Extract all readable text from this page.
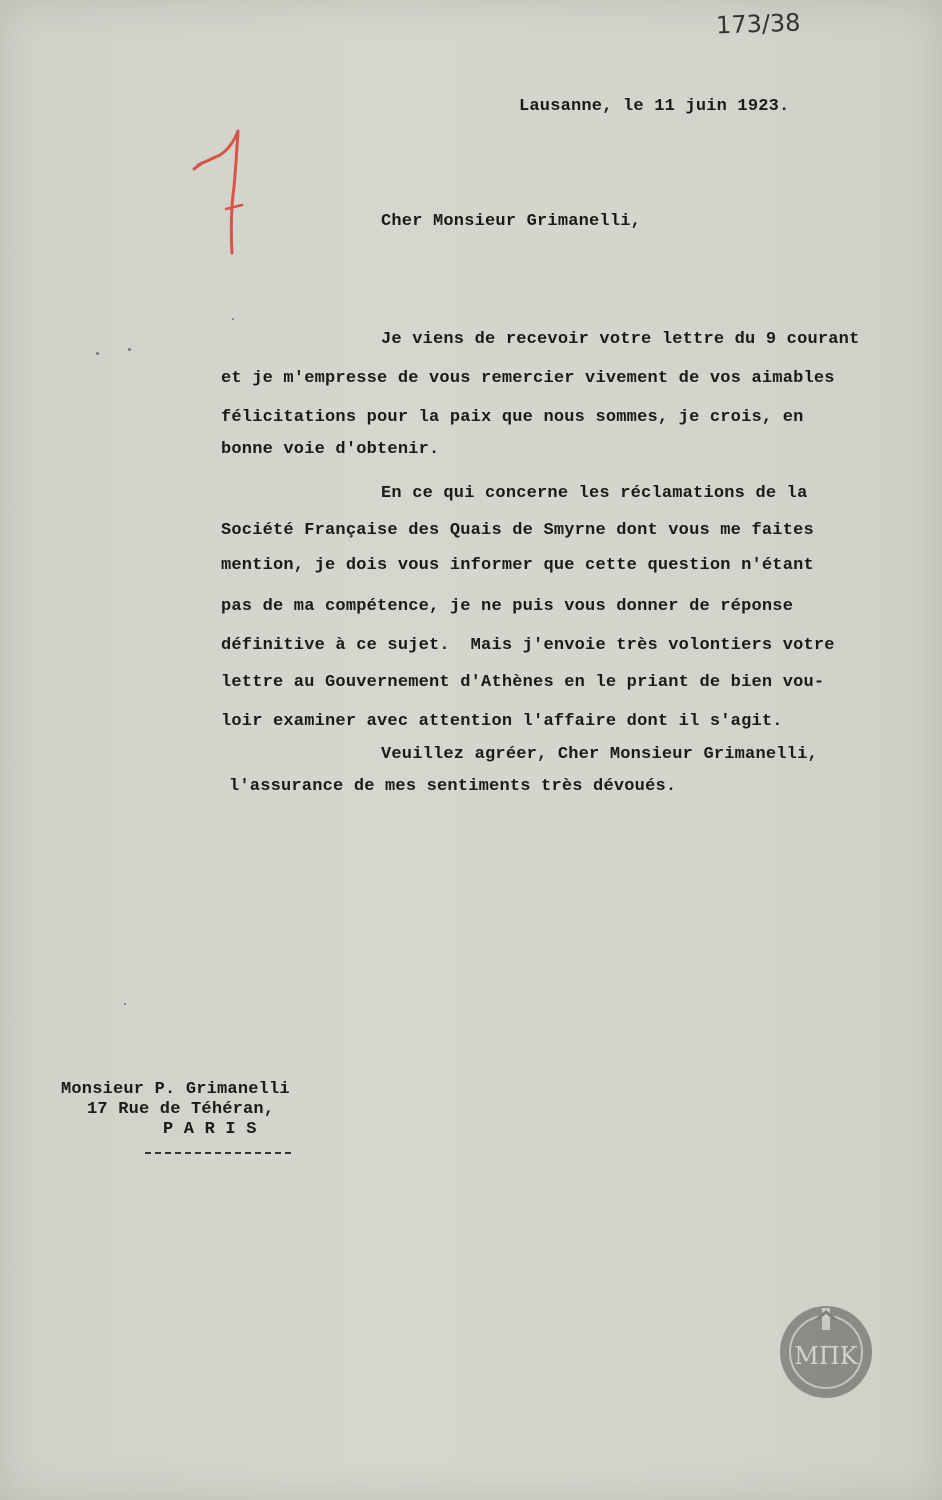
173/38
Lausanne, le 11 juin 1923.
Cher Monsieur Grimanelli,
Je viens de recevoir votre lettre du 9 courant
et je m'empresse de vous remercier vivement de vos aimables
félicitations pour la paix que nous sommes, je crois, en
bonne voie d'obtenir.
En ce qui concerne les réclamations de la
Société Française des Quais de Smyrne dont vous me faites
mention, je dois vous informer que cette question n'étant
pas de ma compétence, je ne puis vous donner de réponse
définitive à ce sujet.  Mais j'envoie très volontiers votre
lettre au Gouvernement d'Athènes en le priant de bien vou-
loir examiner avec attention l'affaire dont il s'agit.
Veuillez agréer, Cher Monsieur Grimanelli,
l'assurance de mes sentiments très dévoués.
Monsieur P. Grimanelli
17 Rue de Téhéran,
P A R I S
ΜΠΚ
